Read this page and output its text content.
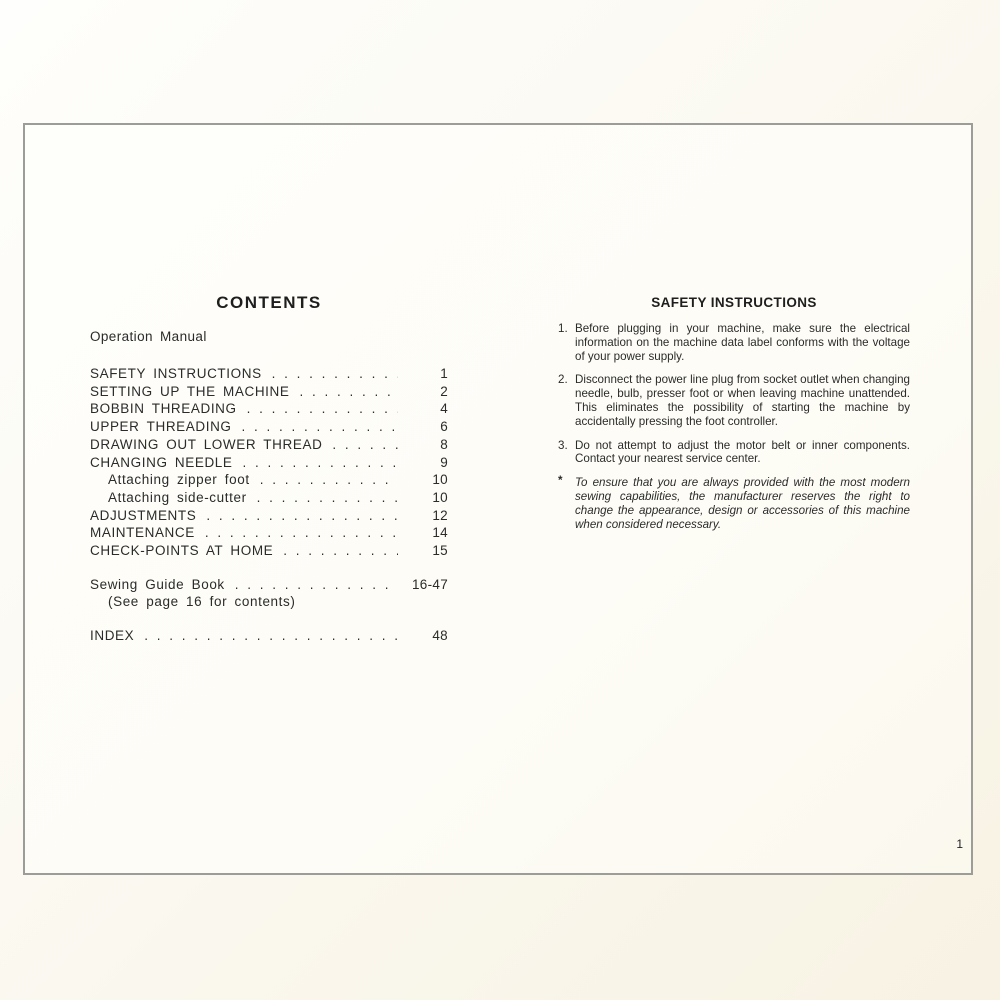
CONTENTS

Operation Manual

SAFETY INSTRUCTIONS . . .	1
SETTING UP THE MACHINE . . .	2
BOBBIN THREADING . . .	4
UPPER THREADING . . .	6
DRAWING OUT LOWER THREAD . . .	8
CHANGING NEEDLE . . .	9
Attaching zipper foot . . .	10
Attaching side-cutter . . .	10
ADJUSTMENTS . . .	12
MAINTENANCE . . .	14
CHECK-POINTS AT HOME . . .	15
Sewing Guide Book . . .	16-47
(See page 16 for contents)
INDEX . . .	48
SAFETY INSTRUCTIONS
1. Before plugging in your machine, make sure the electrical information on the machine data label conforms with the voltage of your power supply.
2. Disconnect the power line plug from socket outlet when changing needle, bulb, presser foot or when leaving machine unattended. This eliminates the possibility of starting the machine by accidentally pressing the foot controller.
3. Do not attempt to adjust the motor belt or inner components. Contact your nearest service center.
*	To ensure that you are always provided with the most modern sewing capabilities, the manufacturer reserves the right to change the appearance, design or accessories of this machine when considered necessary.
1
